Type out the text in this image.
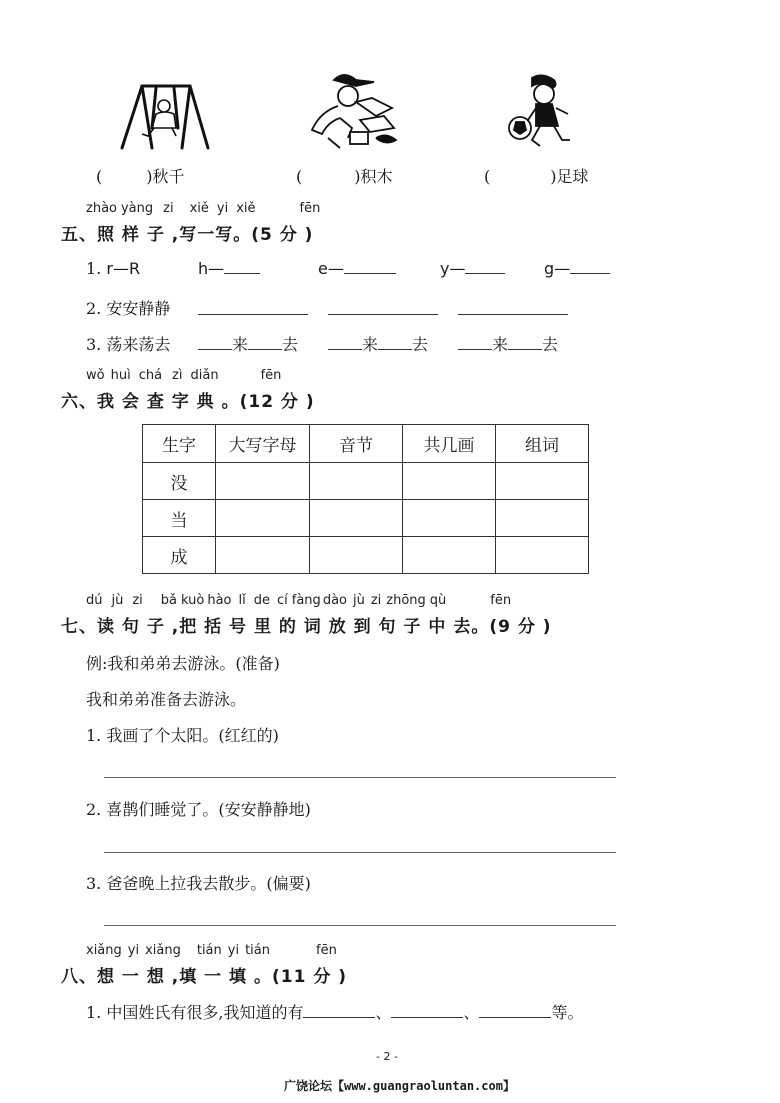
(	)秋千	(	)积木	(	)足球
zhào yàng zi xiě yi xiě	fēn
五、照 样 子 ,写一写。(5 分 )
1. r—R	h—	e—	y—	g—
2. 安安静静
3. 荡来荡去	来 去	来 去	来 去
wǒ huì chá zì diǎn	fēn
六、我 会 查 字 典 。(12 分 )
生字	大写字母	音节	共几画	组词
没				
当				
成				
dú jù zi bǎ kuò hào lǐ de cí fàng dào jù zi zhōng qù	fēn
七、读 句 子 ,把 括 号 里 的 词 放 到 句 子 中 去。(9 分 )
例:我和弟弟去游泳。(准备)
我和弟弟准备去游泳。
1. 我画了个太阳。(红红的)
2. 喜鹊们睡觉了。(安安静静地)
3. 爸爸晚上拉我去散步。(偏要)
xiǎng yi xiǎng tián yi tián	fēn
八、想 一 想 ,填 一 填 。(11 分 )
1. 中国姓氏有很多,我知道的有	、	、	等。
- 2 -
广饶论坛【www.guangraoluntan.com】
